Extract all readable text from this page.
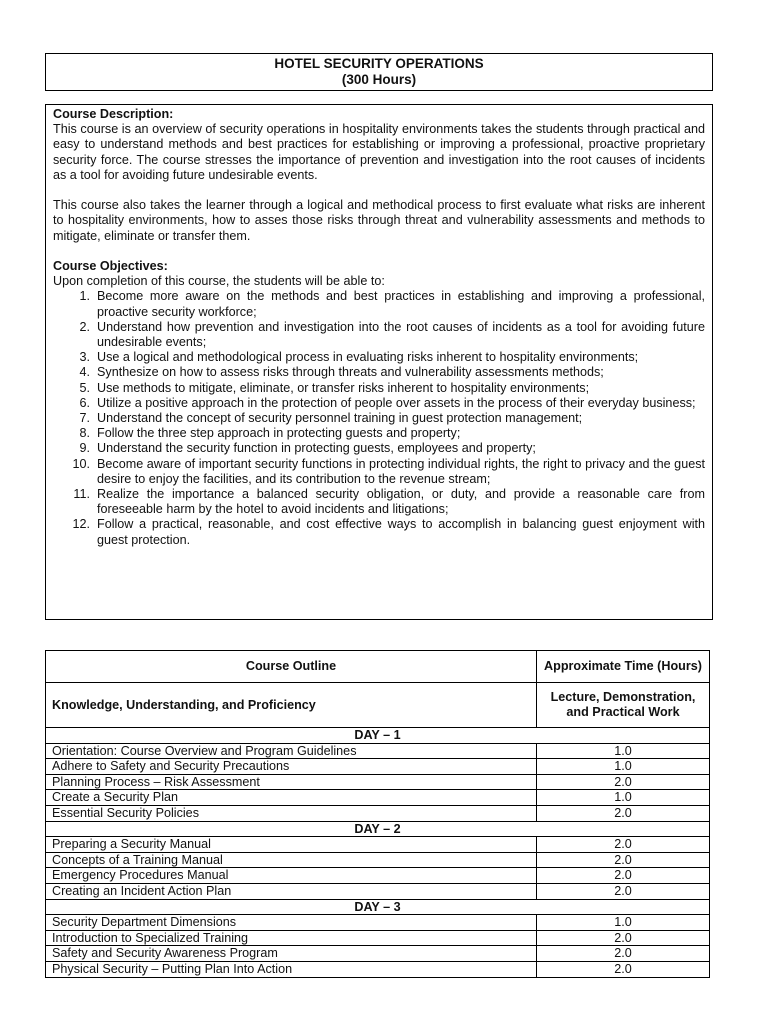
HOTEL SECURITY OPERATIONS
(300 Hours)

Course Description:

This course is an overview of security operations in hospitality environments takes the students through practical and easy to understand methods and best practices for establishing or improving a professional, proactive proprietary security force. The course stresses the importance of prevention and investigation into the root causes of incidents as a tool for avoiding future undesirable events.

This course also takes the learner through a logical and methodical process to first evaluate what risks are inherent to hospitality environments, how to asses those risks through threat and vulnerability assessments and methods to mitigate, eliminate or transfer them.

Course Objectives:

Upon completion of this course, the students will be able to:

1. Become more aware on the methods and best practices in establishing and improving a professional, proactive security workforce;
2. Understand how prevention and investigation into the root causes of incidents as a tool for avoiding future undesirable events;
3. Use a logical and methodological process in evaluating risks inherent to hospitality environments;
4. Synthesize on how to assess risks through threats and vulnerability assessments methods;
5. Use methods to mitigate, eliminate, or transfer risks inherent to hospitality environments;
6. Utilize a positive approach in the protection of people over assets in the process of their everyday business;
7. Understand the concept of security personnel training in guest protection management;
8. Follow the three step approach in protecting guests and property;
9. Understand the security function in protecting guests, employees and property;
10. Become aware of important security functions in protecting individual rights, the right to privacy and the guest desire to enjoy the facilities, and its contribution to the revenue stream;
11. Realize the importance a balanced security obligation, or duty, and provide a reasonable care from foreseeable harm by the hotel to avoid incidents and litigations;
12. Follow a practical, reasonable, and cost effective ways to accomplish in balancing guest enjoyment with guest protection.
Course Outline	Approximate Time (Hours)
Knowledge, Understanding, and Proficiency	Lecture, Demonstration, and Practical Work
DAY – 1	
Orientation: Course Overview and Program Guidelines	1.0
Adhere to Safety and Security Precautions	1.0
Planning Process – Risk Assessment	2.0
Create a Security Plan	1.0
Essential Security Policies	2.0
DAY – 2	
Preparing a Security Manual	2.0
Concepts of a Training Manual	2.0
Emergency Procedures Manual	2.0
Creating an Incident Action Plan	2.0
DAY – 3	
Security Department Dimensions	1.0
Introduction to Specialized Training	2.0
Safety and Security Awareness Program	2.0
Physical Security – Putting Plan Into Action	2.0
